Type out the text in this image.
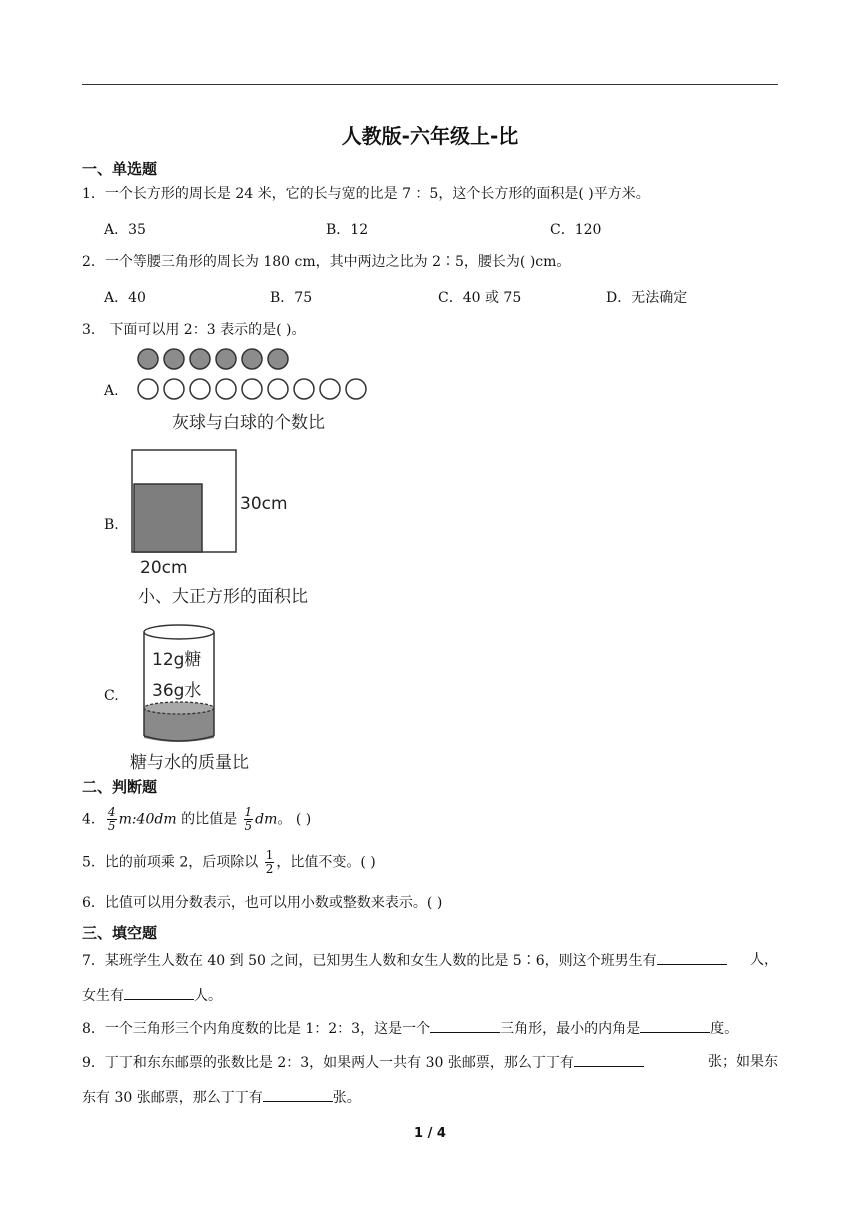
人教版-六年级上-比
一、单选题
1．一个长方形的周长是 24 米，它的长与宽的比是 7 ：5，这个长方形的面积是( )平方米。
A．35	B．12	C．120
2．一个等腰三角形的周长为 180 cm，其中两边之比为 2∶5，腰长为( )cm。
A．40	B．75	C．40 或 75	D．无法确定
3． 下面可以用 2：3 表示的是( )。
A.
灰球与白球的个数比
B.
30cm
20cm
小、大正方形的面积比
C.
12g糖
36g水
糖与水的质量比
二、判断题
4． $\frac{4}{5}$ m:40dm 的比值是 $\frac{1}{5}$ dm。 ( )
5．比的前项乘 2，后项除以 $\frac{1}{2}$ ，比值不变。( )
6．比值可以用分数表示，也可以用小数或整数来表示。( )
三、填空题
7．某班学生人数在 40 到 50 之间，已知男生人数和女生人数的比是 5∶6，则这个班男生有	人，
女生有	人。
8．一个三角形三个内角度数的比是 1：2：3，这是一个	三角形，最小的内角是	度。
9．丁丁和东东邮票的张数比是 2：3，如果两人一共有 30 张邮票，那么丁丁有	张；如果东
东有 30 张邮票，那么丁丁有	张。
1 / 4
